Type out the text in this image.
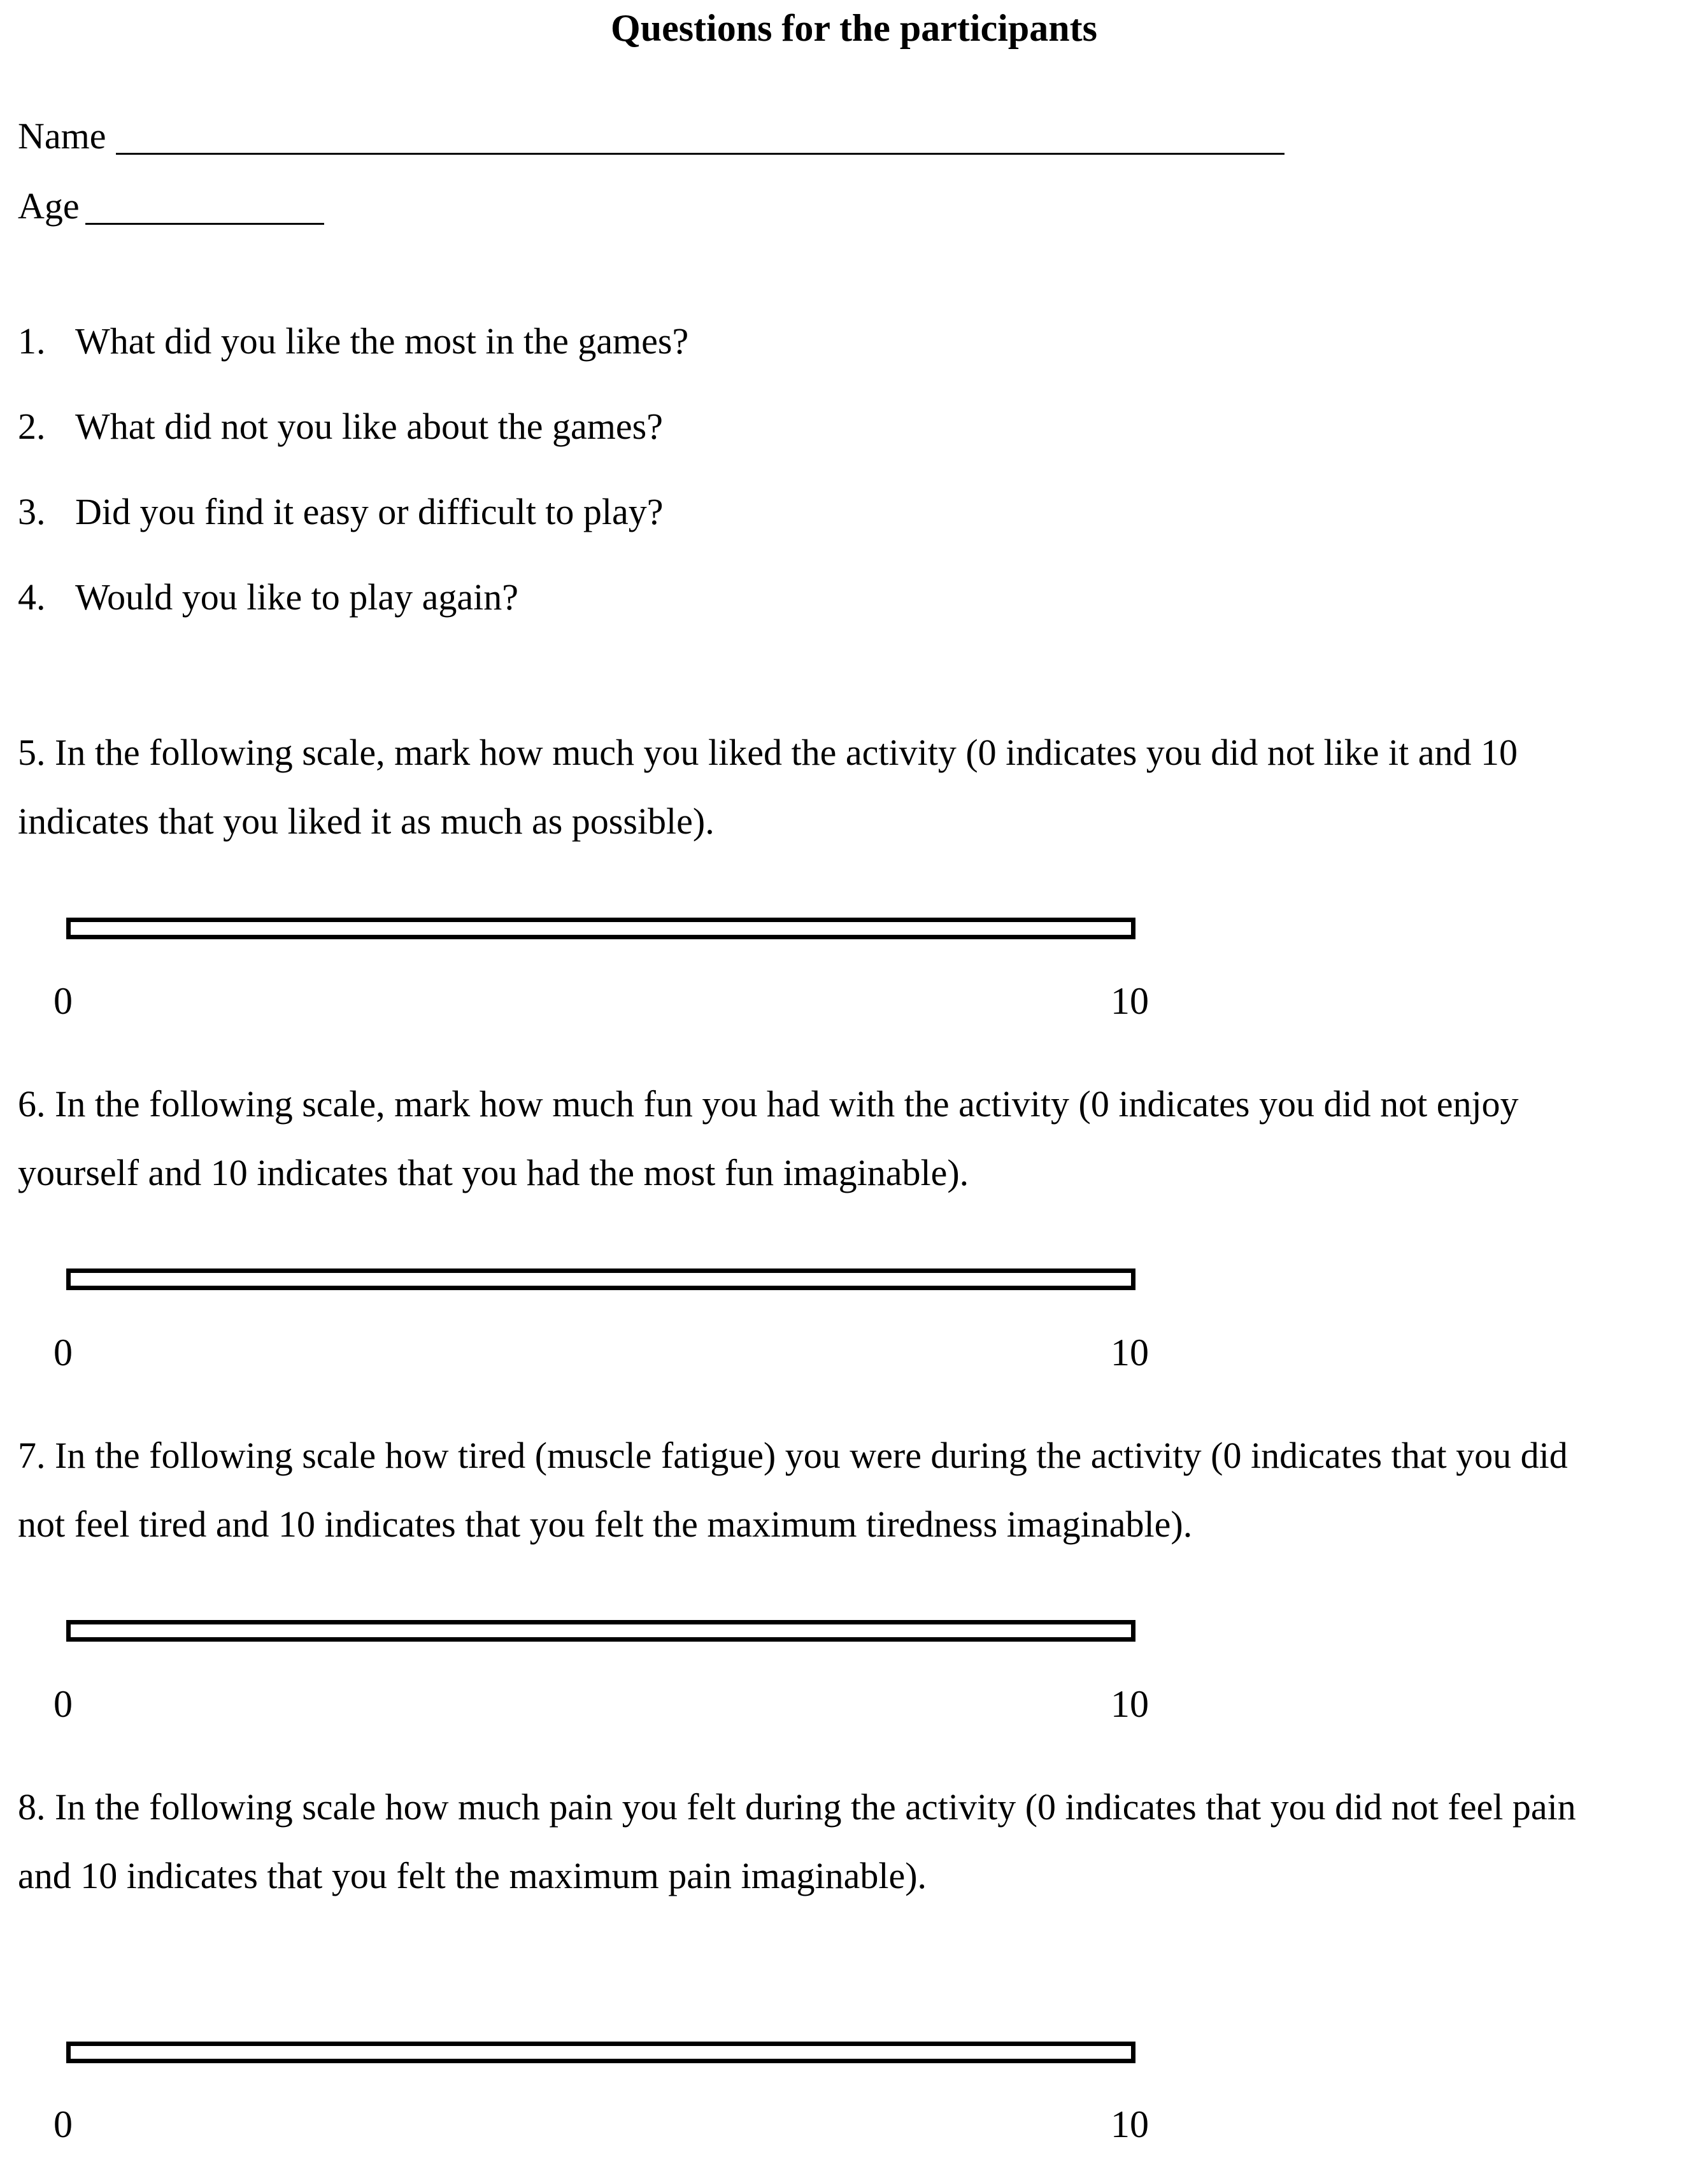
Questions for the participants
Name
Age
1. What did you like the most in the games?
2. What did not you like about the games?
3. Did you find it easy or difficult to play?
4. Would you like to play again?
5. In the following scale, mark how much you liked the activity (0 indicates you did not like it and 10
indicates that you liked it as much as possible).
0	10
6. In the following scale, mark how much fun you had with the activity (0 indicates you did not enjoy
yourself and 10 indicates that you had the most fun imaginable).
0	10
7. In the following scale how tired (muscle fatigue) you were during the activity (0 indicates that you did
not feel tired and 10 indicates that you felt the maximum tiredness imaginable).
0	10
8. In the following scale how much pain you felt during the activity (0 indicates that you did not feel pain
and 10 indicates that you felt the maximum pain imaginable).
0	10
